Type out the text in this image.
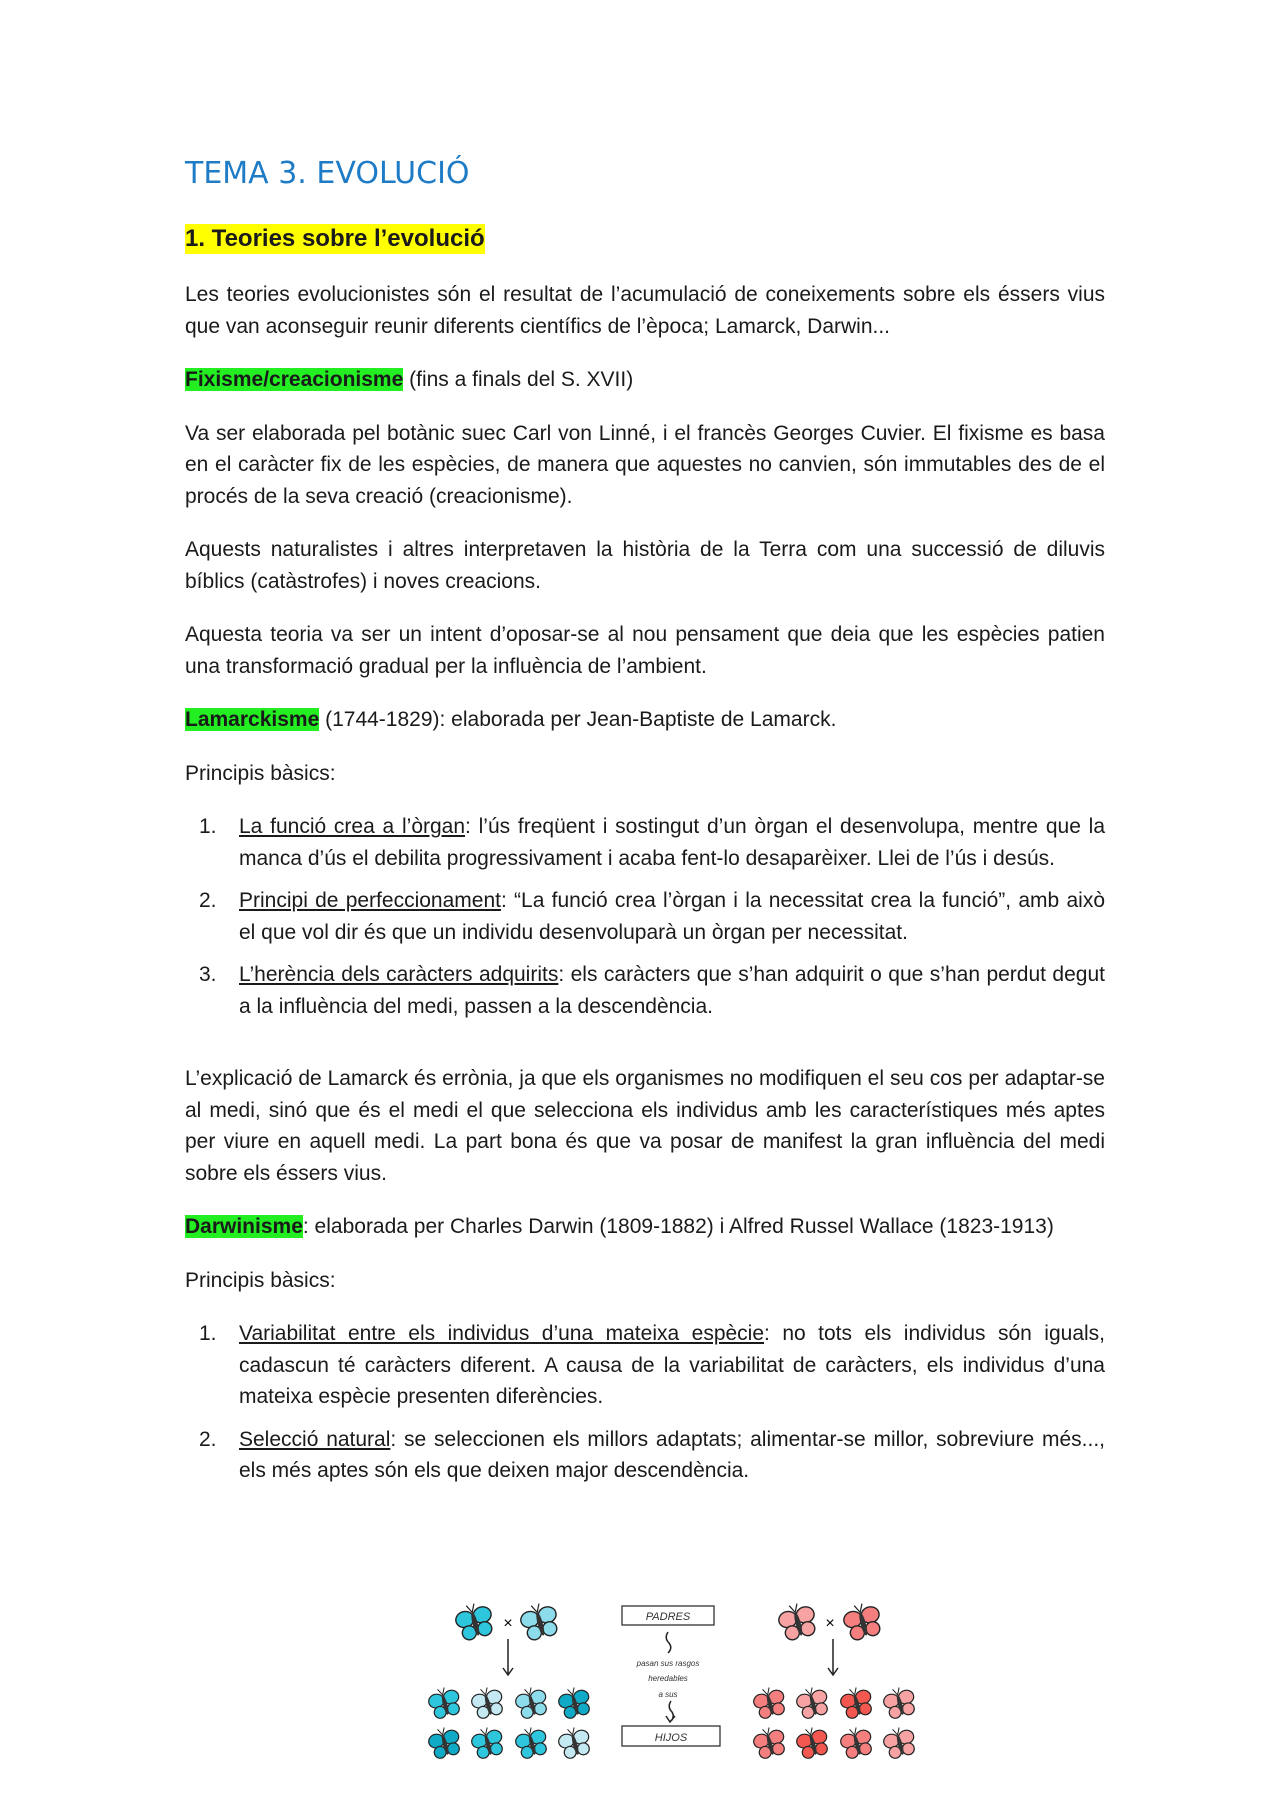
TEMA 3. EVOLUCIÓ
1. Teories sobre l’evolució

Les teories evolucionistes són el resultat de l’acumulació de coneixements sobre els éssers vius que van aconseguir reunir diferents científics de l’època; Lamarck, Darwin...

Fixisme/creacionisme (fins a finals del S. XVII)

Va ser elaborada pel botànic suec Carl von Linné, i el francès Georges Cuvier. El fixisme es basa en el caràcter fix de les espècies, de manera que aquestes no canvien, són immutables des de el procés de la seva creació (creacionisme).

Aquests naturalistes i altres interpretaven la història de la Terra com una successió de diluvis bíblics (catàstrofes) i noves creacions.

Aquesta teoria va ser un intent d’oposar-se al nou pensament que deia que les espècies patien una transformació gradual per la influència de l’ambient.

Lamarckisme (1744-1829): elaborada per Jean-Baptiste de Lamarck.

Principis bàsics:

1. La funció crea a l’òrgan: l’ús freqüent i sostingut d’un òrgan el desenvolupa, mentre que la manca d’ús el debilita progressivament i acaba fent-lo desaparèixer. Llei de l’ús i desús.
2. Principi de perfeccionament: “La funció crea l’òrgan i la necessitat crea la funció”, amb això el que vol dir és que un individu desenvoluparà un òrgan per necessitat.
3. L’herència dels caràcters adquirits: els caràcters que s’han adquirit o que s’han perdut degut a la influència del medi, passen a la descendència.

L’explicació de Lamarck és errònia, ja que els organismes no modifiquen el seu cos per adaptar-se al medi, sinó que és el medi el que selecciona els individus amb les característiques més aptes per viure en aquell medi. La part bona és que va posar de manifest la gran influència del medi sobre els éssers vius.

Darwinisme: elaborada per Charles Darwin (1809-1882) i Alfred Russel Wallace (1823-1913)

Principis bàsics:

1. Variabilitat entre els individus d’una mateixa espècie: no tots els individus són iguals, cadascun té caràcters diferent. A causa de la variabilitat de caràcters, els individus d’una mateixa espècie presenten diferències.
2. Selecció natural: se seleccionen els millors adaptats; alimentar-se millor, sobreviure més..., els més aptes són els que deixen major descendència.
×	×
PADRES
pasan sus rasgos
heredables
a sus
HIJOS
